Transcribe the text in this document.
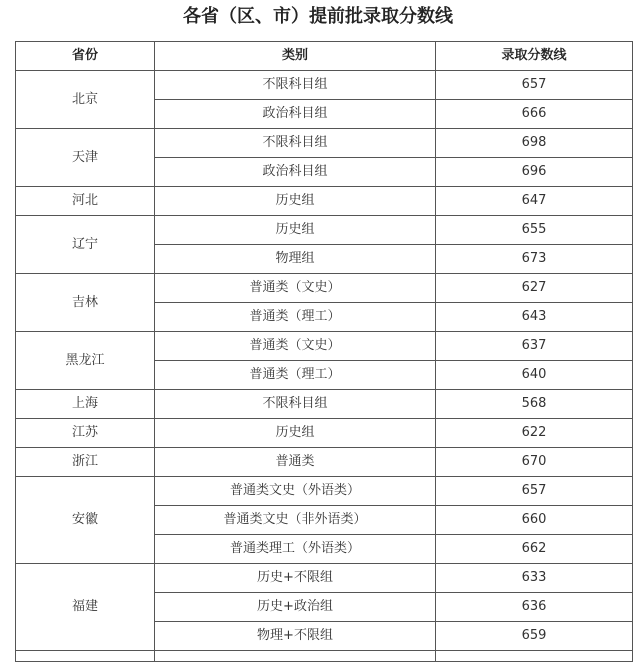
各省（区、市）提前批录取分数线
省份	类别	录取分数线
北京	不限科目组	657
	政治科目组	666
天津	不限科目组	698
	政治科目组	696
河北	历史组	647
辽宁	历史组	655
	物理组	673
吉林	普通类（文史）	627
	普通类（理工）	643
黑龙江	普通类（文史）	637
	普通类（理工）	640
上海	不限科目组	568
江苏	历史组	622
浙江	普通类	670
安徽	普通类文史（外语类）	657
	普通类文史（非外语类）	660
	普通类理工（外语类）	662
福建	历史+不限组	633
	历史+政治组	636
	物理+不限组	659
